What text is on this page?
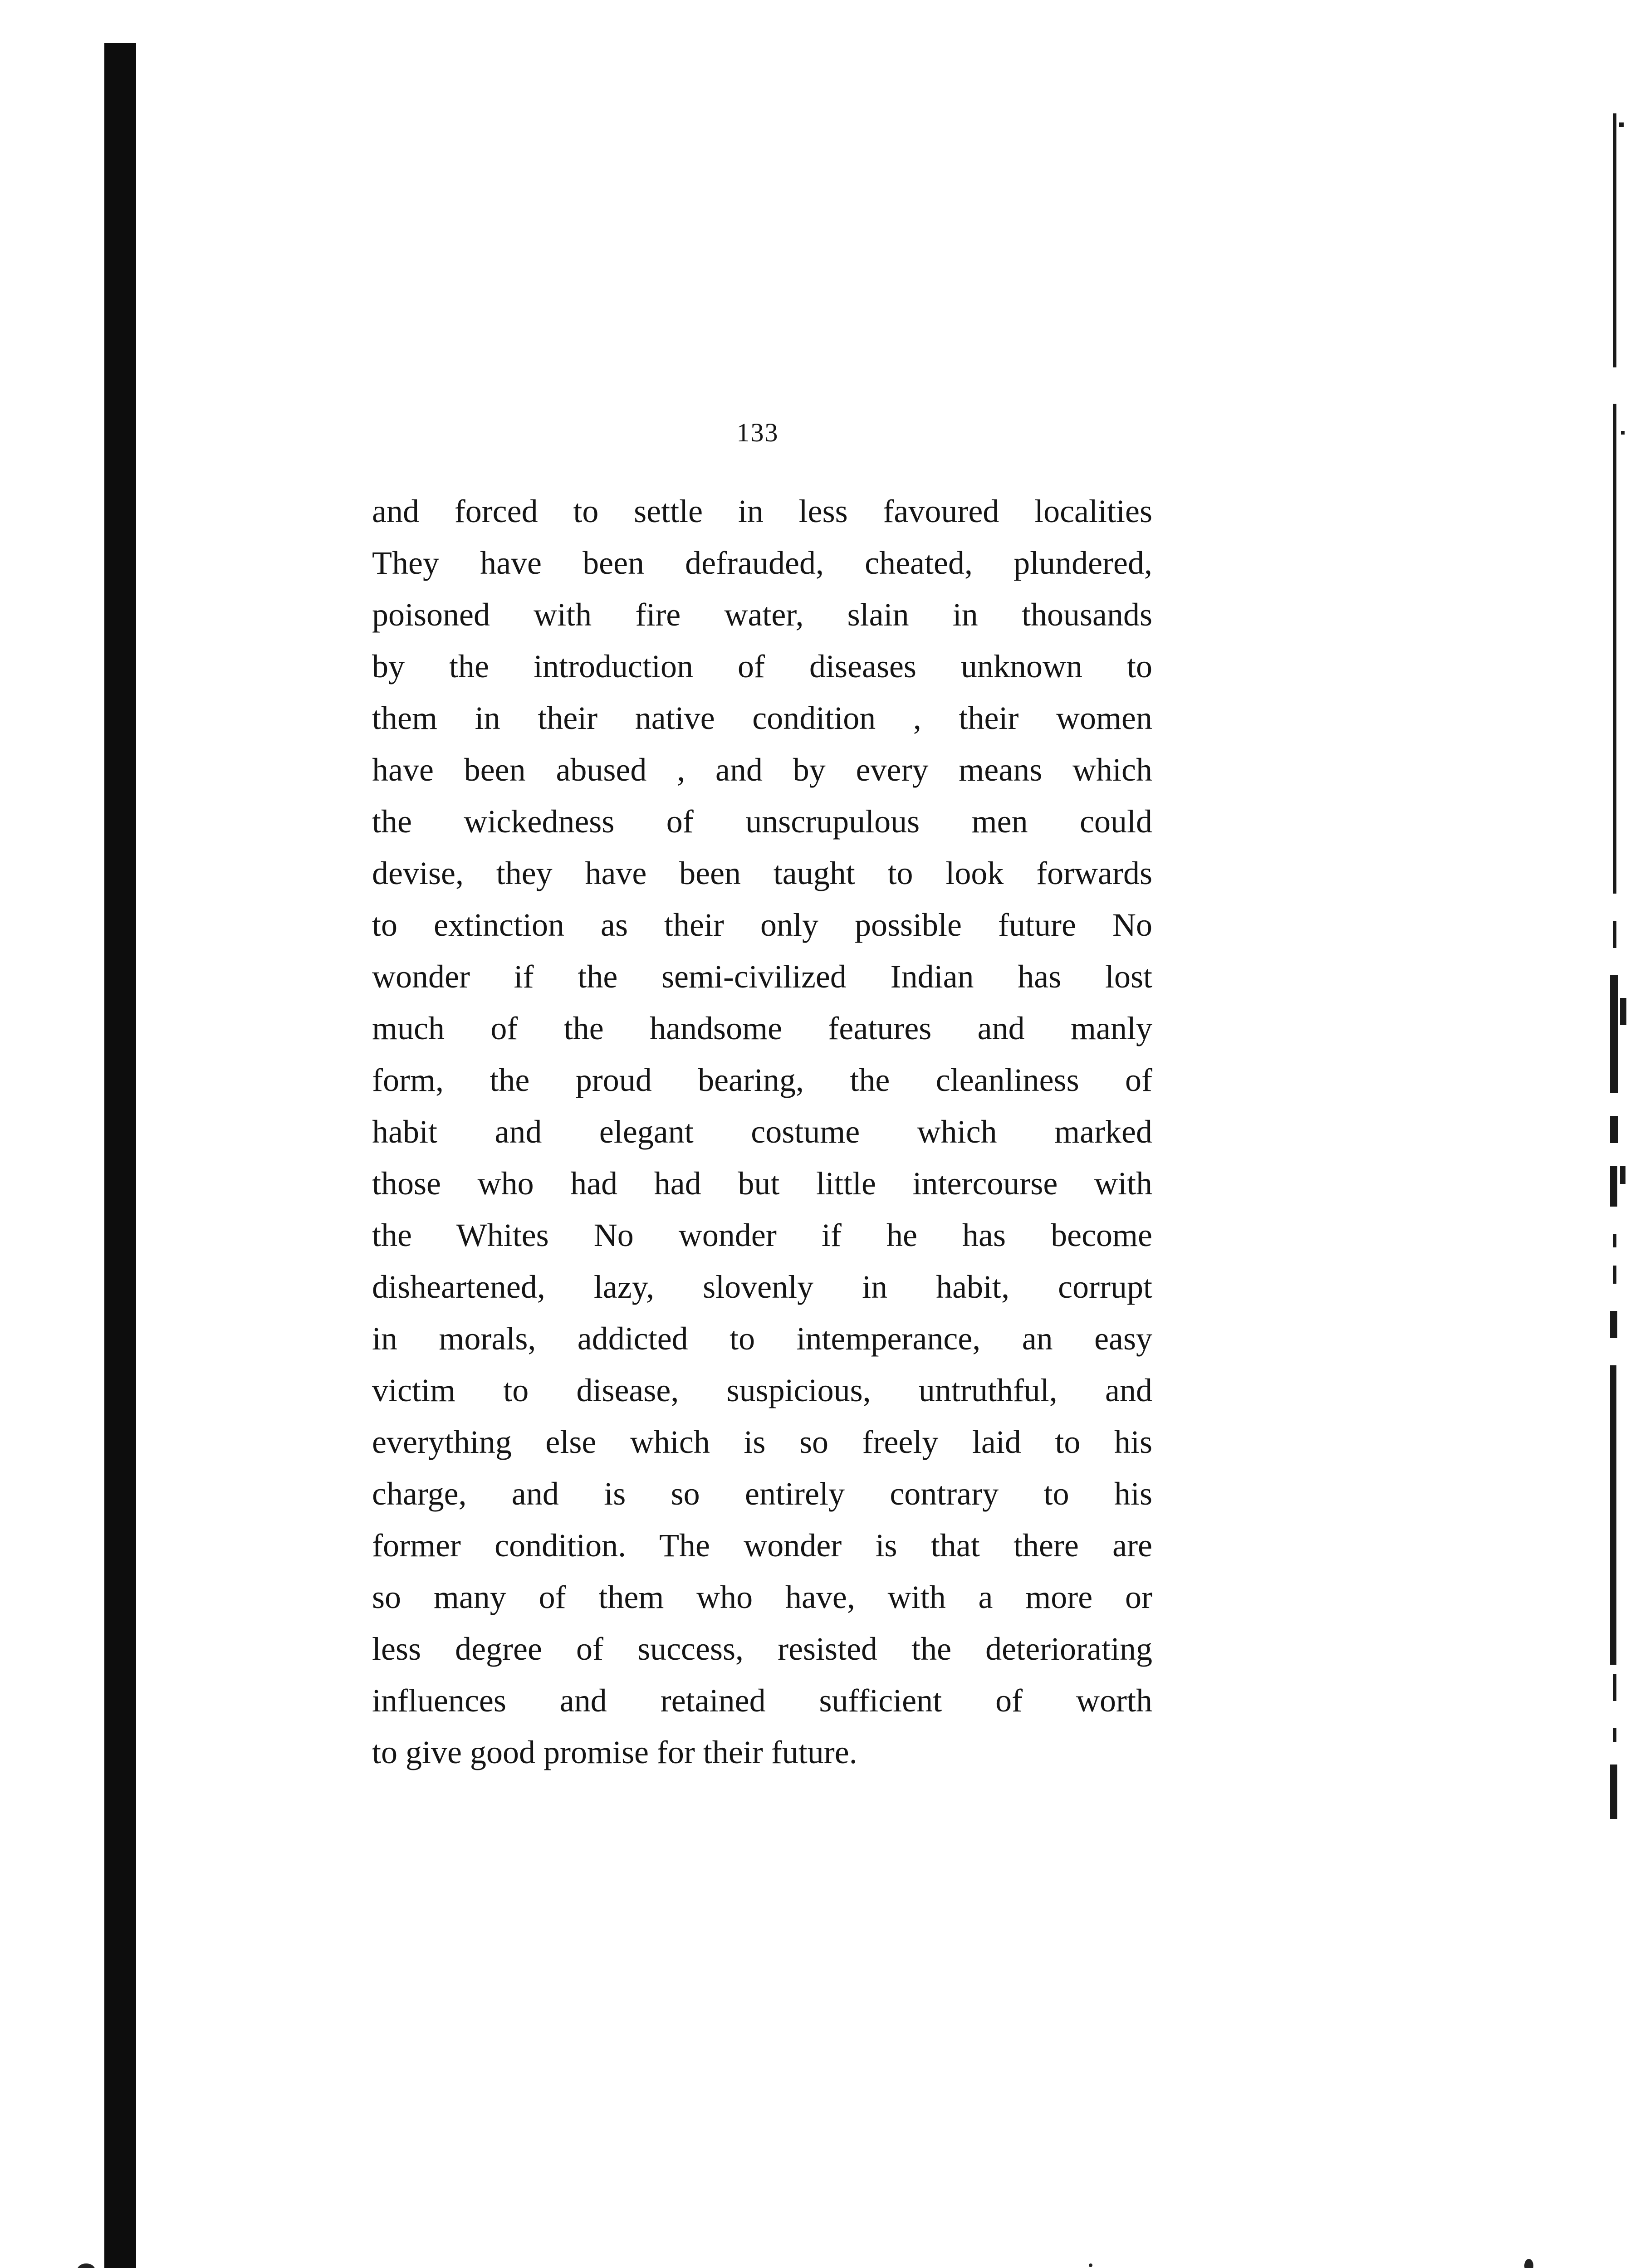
133
and forced to settle in less favoured localities
They have been defrauded, cheated, plundered,
poisoned with fire water, slain in thousands
by the introduction of diseases unknown to
them in their native condition , their women
have been abused , and by every means which
the wickedness of unscrupulous men could
devise, they have been taught to look forwards
to extinction as their only possible future No
wonder if the semi-civilized Indian has lost
much of the handsome features and manly
form, the proud bearing, the cleanliness of
habit and elegant costume which marked
those who had had but little intercourse with
the Whites No wonder if he has become
disheartened, lazy, slovenly in habit, corrupt
in morals, addicted to intemperance, an easy
victim to disease, suspicious, untruthful, and
everything else which is so freely laid to his
charge, and is so entirely contrary to his
former condition. The wonder is that there are
so many of them who have, with a more or
less degree of success, resisted the deteriorating
influences and retained sufficient of worth
to give good promise for their future.
